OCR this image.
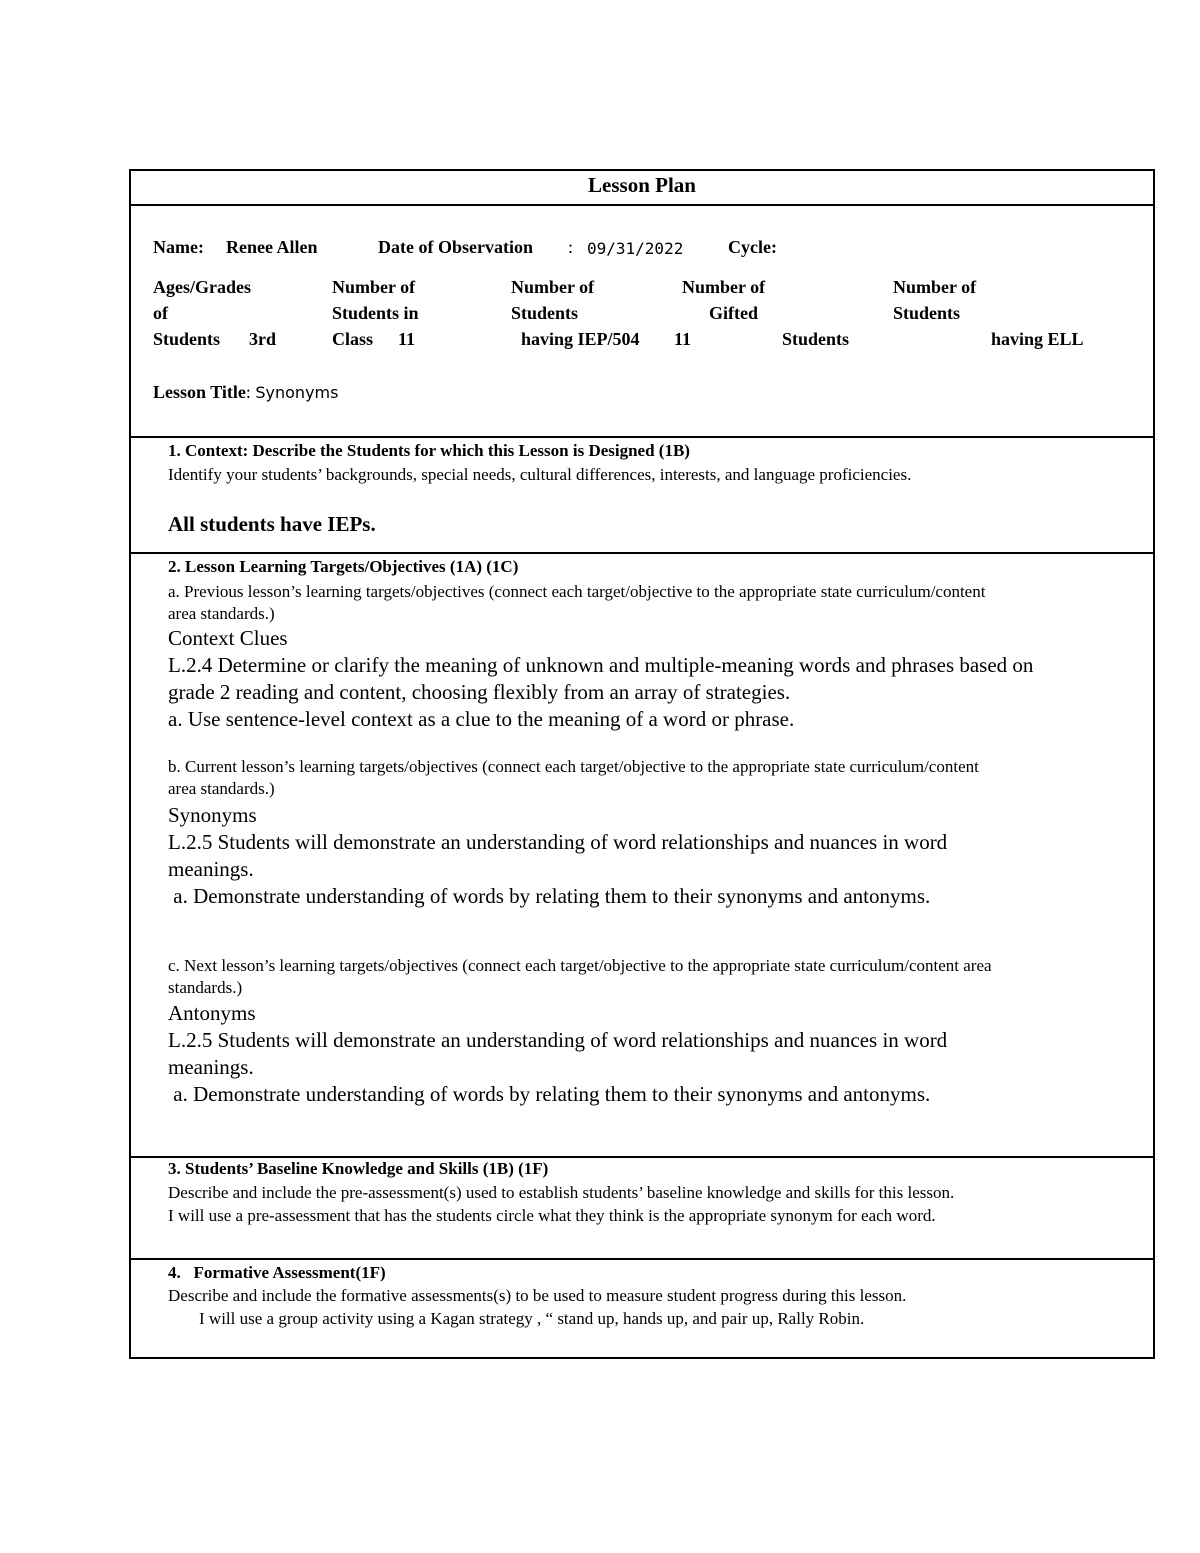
Lesson Plan
Name: Renee Allen	Date of Observation : 09/31/2022 Cycle:
Ages/Grades
of
Students 3rd
Number of
Students in
Class 11
Number of
Students
having IEP/504 11
Number of
Gifted
Students
Number of
Students
having ELL
Lesson Title: Synonyms
1. Context: Describe the Students for which this Lesson is Designed (1B)
Identify your students’ backgrounds, special needs, cultural differences, interests, and language proficiencies.
All students have IEPs.
2. Lesson Learning Targets/Objectives (1A) (1C)
a. Previous lesson’s learning targets/objectives (connect each target/objective to the appropriate state curriculum/content
area standards.)
Context Clues
L.2.4 Determine or clarify the meaning of unknown and multiple-meaning words and phrases based on
grade 2 reading and content, choosing flexibly from an array of strategies.
a. Use sentence-level context as a clue to the meaning of a word or phrase.
b. Current lesson’s learning targets/objectives (connect each target/objective to the appropriate state curriculum/content
area standards.)
Synonyms
L.2.5 Students will demonstrate an understanding of word relationships and nuances in word
meanings.
a. Demonstrate understanding of words by relating them to their synonyms and antonyms.
c. Next lesson’s learning targets/objectives (connect each target/objective to the appropriate state curriculum/content area
standards.)
Antonyms
L.2.5 Students will demonstrate an understanding of word relationships and nuances in word
meanings.
a. Demonstrate understanding of words by relating them to their synonyms and antonyms.
3. Students’ Baseline Knowledge and Skills (1B) (1F)
Describe and include the pre-assessment(s) used to establish students’ baseline knowledge and skills for this lesson.
I will use a pre-assessment that has the students circle what they think is the appropriate synonym for each word.
4.   Formative Assessment(1F)
Describe and include the formative assessments(s) to be used to measure student progress during this lesson.
I will use a group activity using a Kagan strategy , “ stand up, hands up, and pair up, Rally Robin.
